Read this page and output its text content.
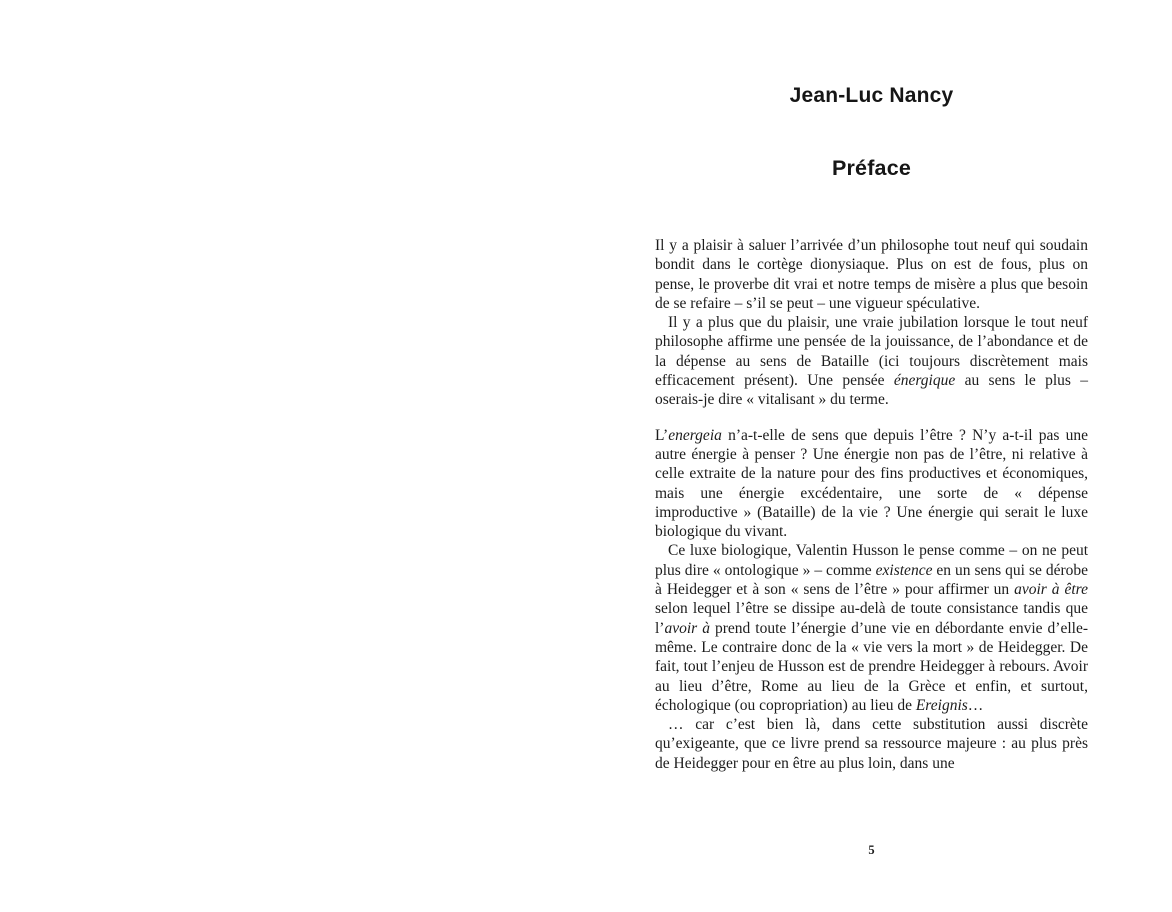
Jean-Luc Nancy
Préface

Il y a plaisir à saluer l’arrivée d’un philosophe tout neuf qui soudain bondit dans le cortège dionysiaque. Plus on est de fous, plus on pense, le proverbe dit vrai et notre temps de misère a plus que besoin de se refaire – s’il se peut – une vigueur spéculative.

Il y a plus que du plaisir, une vraie jubilation lorsque le tout neuf philosophe affirme une pensée de la jouissance, de l’abondance et de la dépense au sens de Bataille (ici toujours discrètement mais efficacement présent). Une pensée énergique au sens le plus – oserais-je dire « vitalisant » du terme.

L’energeia n’a-t-elle de sens que depuis l’être ? N’y a-t-il pas une autre énergie à penser ? Une énergie non pas de l’être, ni relative à celle extraite de la nature pour des fins productives et économiques, mais une énergie excédentaire, une sorte de « dépense improductive » (Bataille) de la vie ? Une énergie qui serait le luxe biologique du vivant.

Ce luxe biologique, Valentin Husson le pense comme – on ne peut plus dire « ontologique » – comme existence en un sens qui se dérobe à Heidegger et à son « sens de l’être » pour affirmer un avoir à être selon lequel l’être se dissipe au-delà de toute consistance tandis que l’avoir à prend toute l’énergie d’une vie en débordante envie d’elle-même. Le contraire donc de la « vie vers la mort » de Heidegger. De fait, tout l’enjeu de Husson est de prendre Heidegger à rebours. Avoir au lieu d’être, Rome au lieu de la Grèce et enfin, et surtout, échologique (ou copropriation) au lieu de Ereignis…

… car c’est bien là, dans cette substitution aussi discrète qu’exigeante, que ce livre prend sa ressource majeure : au plus près de Heidegger pour en être au plus loin, dans une

5
